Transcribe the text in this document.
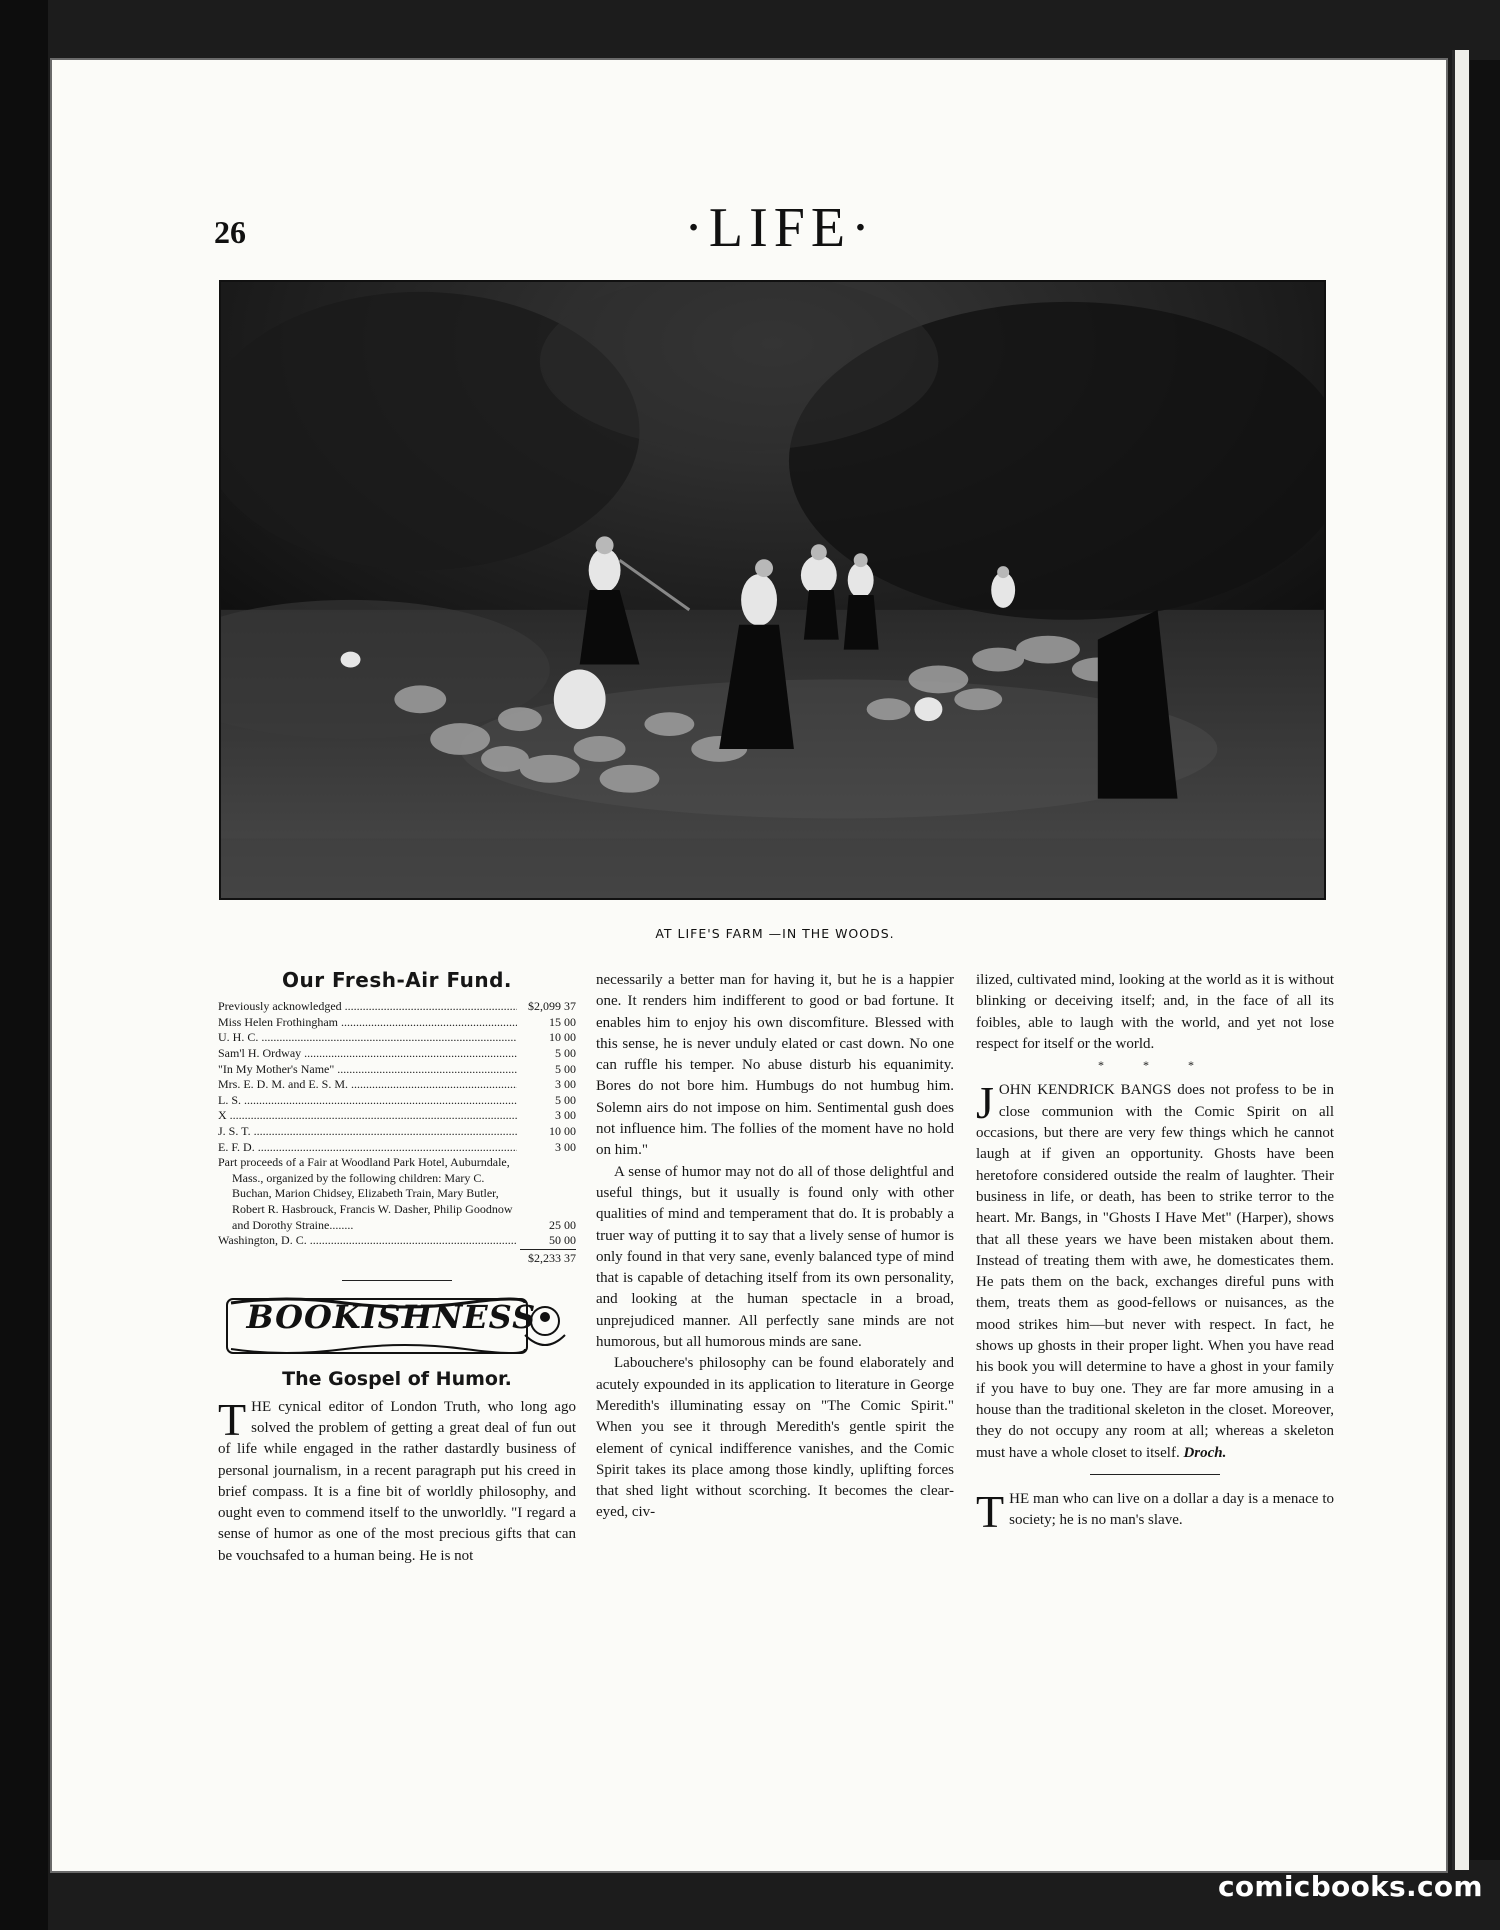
26	·LIFE·
AT LIFE'S FARM —IN THE WOODS.
Our Fresh-Air Fund.
Previously acknowledged .....	$2,099 37
Miss Helen Frothingham .....	15 00
U. H. C. .....	10 00
Sam'l H. Ordway .....	5 00
"In My Mother's Name" .....	5 00
Mrs. E. D. M. and E. S. M. .....	3 00
L. S. .....	5 00
X .....	3 00
J. S. T. .....	10 00
E. F. D. .....	3 00
Part proceeds of a Fair at Woodland Park Hotel, Auburndale, Mass., organized by the following children: Mary C. Buchan, Marion Chidsey, Elizabeth Train, Mary Butler, Robert R. Hasbrouck, Francis W. Dasher, Philip Goodnow and Dorothy Straine........	25 00
Washington, D. C. .....	50 00
$2,233 37
BOOKISHNESS
The Gospel of Humor.

THE cynical editor of London Truth, who long ago solved the problem of getting a great deal of fun out of life while engaged in the rather dastardly business of personal journalism, in a recent paragraph put his creed in brief compass. It is a fine bit of worldly philosophy, and ought even to commend itself to the unworldly. "I regard a sense of humor as one of the most precious gifts that can be vouchsafed to a human being. He is not

necessarily a better man for having it, but he is a happier one. It renders him indifferent to good or bad fortune. It enables him to enjoy his own discomfiture. Blessed with this sense, he is never unduly elated or cast down. No one can ruffle his temper. No abuse disturb his equanimity. Bores do not bore him. Humbugs do not humbug him. Solemn airs do not impose on him. Sentimental gush does not influence him. The follies of the moment have no hold on him."

A sense of humor may not do all of those delightful and useful things, but it usually is found only with other qualities of mind and temperament that do. It is probably a truer way of putting it to say that a lively sense of humor is only found in that very sane, evenly balanced type of mind that is capable of detaching itself from its own personality, and looking at the human spectacle in a broad, unprejudiced manner. All perfectly sane minds are not humorous, but all humorous minds are sane.

Labouchere's philosophy can be found elaborately and acutely expounded in its application to literature in George Meredith's illuminating essay on "The Comic Spirit." When you see it through Meredith's gentle spirit the element of cynical indifference vanishes, and the Comic Spirit takes its place among those kindly, uplifting forces that shed light without scorching. It becomes the clear-eyed, civ-

ilized, cultivated mind, looking at the world as it is without blinking or deceiving itself; and, in the face of all its foibles, able to laugh with the world, and yet not lose respect for itself or the world.

* * *

JOHN KENDRICK BANGS does not profess to be in close communion with the Comic Spirit on all occasions, but there are very few things which he cannot laugh at if given an opportunity. Ghosts have been heretofore considered outside the realm of laughter. Their business in life, or death, has been to strike terror to the heart. Mr. Bangs, in "Ghosts I Have Met" (Harper), shows that all these years we have been mistaken about them. Instead of treating them with awe, he domesticates them. He pats them on the back, exchanges direful puns with them, treats them as good-fellows or nuisances, as the mood strikes him—but never with respect. In fact, he shows up ghosts in their proper light. When you have read his book you will determine to have a ghost in your family if you have to buy one. They are far more amusing in a house than the traditional skeleton in the closet. Moreover, they do not occupy any room at all; whereas a skeleton must have a whole closet to itself. Droch.

THE man who can live on a dollar a day is a menace to society; he is no man's slave.

comicbooks.com
